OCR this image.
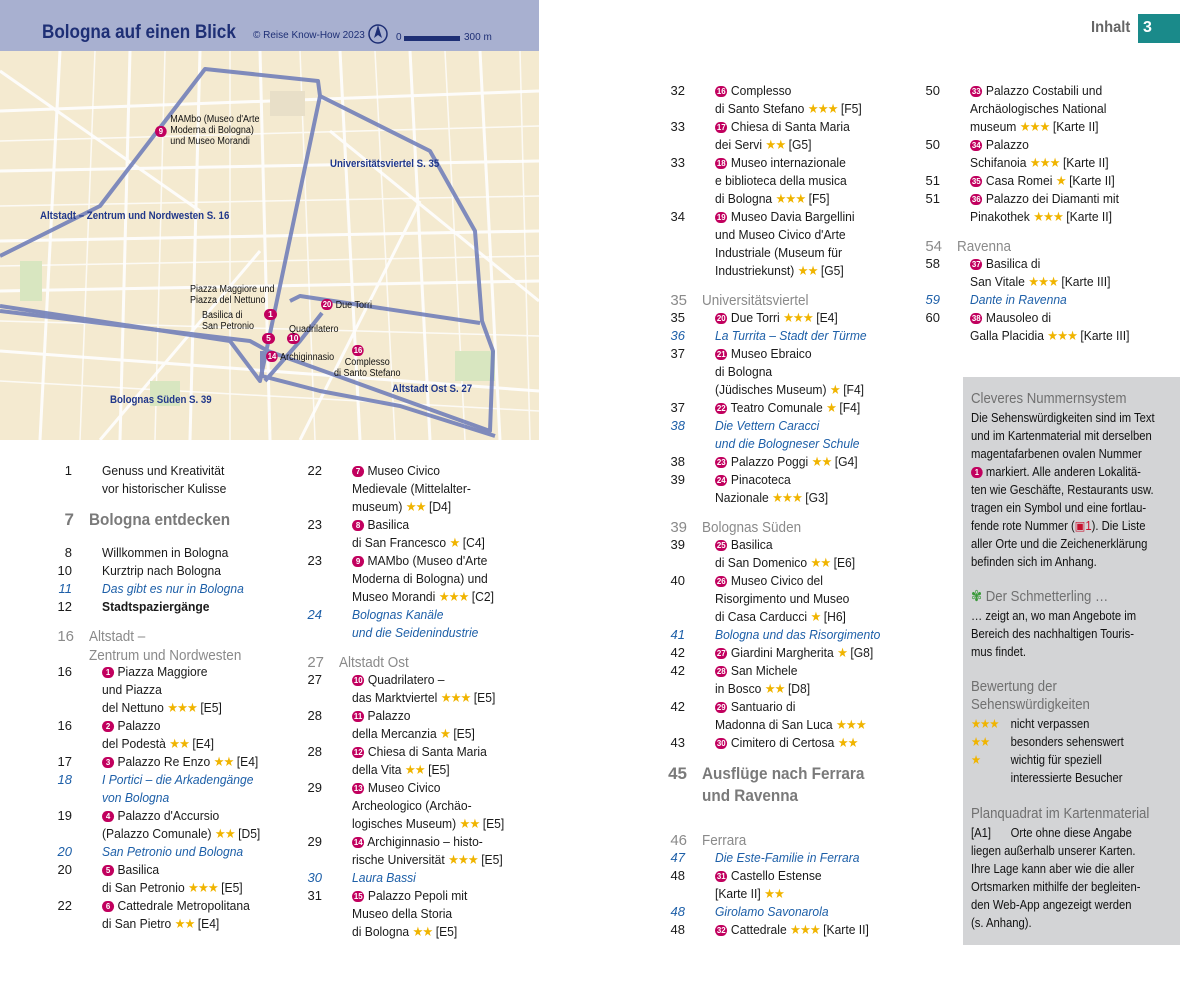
Bologna auf einen Blick © Reise Know-How 2023	0	300 m
9
MAMbo (Museo d'Arte
Moderna di Bologna)
und Museo Morandi
Piazza Maggiore und
Piazza del Nettuno
Basilica di
San Petronio
1
5	10
Quadrilatero
20 Due Torri
14 Archiginnasio
16
Complesso
di Santo Stefano
Universitätsviertel S. 35
Altstadt – Zentrum und Nordwesten S. 16
Altstadt Ost S. 27
Bolognas Süden S. 39
Inhalt 3
1 Genuss und Kreativität
vor historischer Kulisse
7 Bologna entdecken
8 Willkommen in Bologna
10 Kurztrip nach Bologna
11 Das gibt es nur in Bologna
12 Stadtspaziergänge
16 Altstadt –
Zentrum und Nordwesten
16	1 Piazza Maggiore
und Piazza
del Nettuno ★★★ [E5]
16	2 Palazzo
del Podestà ★★ [E4]
17	3 Palazzo Re Enzo ★★ [E4]
18 I Portici – die Arkadengänge
von Bologna
19	4 Palazzo d'Accursio
(Palazzo Comunale) ★★ [D5]
20 San Petronio und Bologna
20	5 Basilica
di San Petronio ★★★ [E5]
22	6 Cattedrale Metropolitana
di San Pietro ★★ [E4]
22	7 Museo Civico
Medievale (Mittelalter-
museum) ★★ [D4]
23	8 Basilica
di San Francesco ★ [C4]
23	9 MAMbo (Museo d'Arte
Moderna di Bologna) und
Museo Morandi ★★★ [C2]
24 Bolognas Kanäle
und die Seidenindustrie
27 Altstadt Ost
27	10 Quadrilatero –
das Marktviertel ★★★ [E5]
28	11 Palazzo
della Mercanzia ★ [E5]
28	12 Chiesa di Santa Maria
della Vita ★★ [E5]
29	13 Museo Civico
Archeologico (Archäo-
logisches Museum) ★★ [E5]
29	14 Archiginnasio – histo-
rische Universität ★★★ [E5]
30 Laura Bassi
31	15 Palazzo Pepoli mit
Museo della Storia
di Bologna ★★ [E5]
32	16 Complesso
di Santo Stefano ★★★ [F5]
33	17 Chiesa di Santa Maria
dei Servi ★★ [G5]
33	18 Museo internazionale
e biblioteca della musica
di Bologna ★★★ [F5]
34	19 Museo Davia Bargellini
und Museo Civico d'Arte
Industriale (Museum für
Industriekunst) ★★ [G5]
35 Universitätsviertel
35	20 Due Torri ★★★ [E4]
36 La Turrita – Stadt der Türme
37	21 Museo Ebraico
di Bologna
(Jüdisches Museum) ★ [F4]
37	22 Teatro Comunale ★ [F4]
38 Die Vettern Caracci
und die Bologneser Schule
38	23 Palazzo Poggi ★★ [G4]
39	24 Pinacoteca
Nazionale ★★★ [G3]
39 Bolognas Süden
39	25 Basilica
di San Domenico ★★ [E6]
40	26 Museo Civico del
Risorgimento und Museo
di Casa Carducci ★ [H6]
41 Bologna und das Risorgimento
42	27 Giardini Margherita ★ [G8]
42	28 San Michele
in Bosco ★★ [D8]
42	29 Santuario di
Madonna di San Luca ★★★
43	30 Cimitero di Certosa ★★
45 Ausflüge nach Ferrara
und Ravenna
46 Ferrara
47 Die Este-Familie in Ferrara
48	31 Castello Estense
[Karte II] ★★
48 Girolamo Savonarola
48	32 Cattedrale ★★★ [Karte II]
50	33 Palazzo Costabili und
Archäologisches National
museum ★★★ [Karte II]
50	34 Palazzo
Schifanoia ★★★ [Karte II]
51	35 Casa Romei ★ [Karte II]
51	36 Palazzo dei Diamanti mit
Pinakothek ★★★ [Karte II]
54 Ravenna
58	37 Basilica di
San Vitale ★★★ [Karte III]
59 Dante in Ravenna
60	38 Mausoleo di
Galla Placidia ★★★ [Karte III]
Cleveres Nummernsystem
Die Sehenswürdigkeiten sind im Text
und im Kartenmaterial mit derselben
magentafarbenen ovalen Nummer
1 markiert. Alle anderen Lokalitä-
ten wie Geschäfte, Restaurants usw.
tragen ein Symbol und eine fortlau-
fende rote Nummer (▣1). Die Liste
aller Orte und die Zeichenerklärung
befinden sich im Anhang.
✾ Der Schmetterling …
… zeigt an, wo man Angebote im
Bereich des nachhaltigen Touris-
mus findet.
Bewertung der
Sehenswürdigkeiten
★★★ nicht verpassen
★★ besonders sehenswert
★	wichtig für speziell
interessierte Besucher
Planquadrat im Kartenmaterial
[A1] Orte ohne diese Angabe
liegen außerhalb unserer Karten.
Ihre Lage kann aber wie die aller
Ortsmarken mithilfe der begleiten-
den Web-App angezeigt werden
(s. Anhang).
